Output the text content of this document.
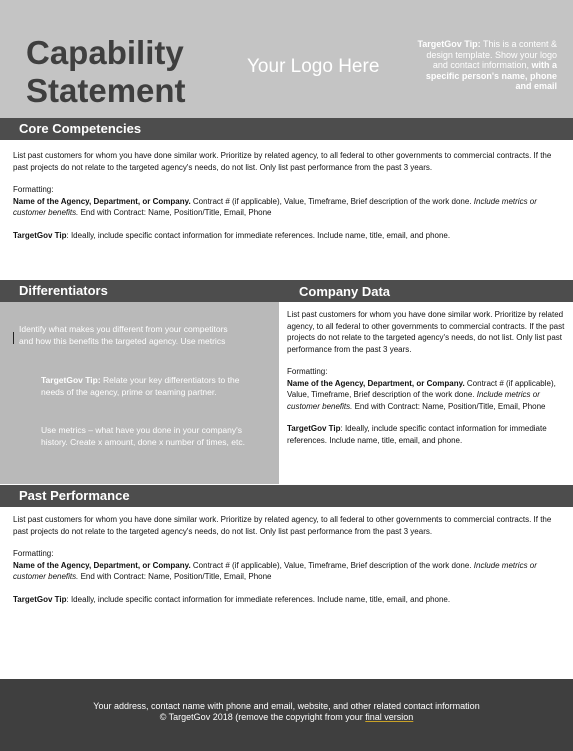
Capability
Statement
Your Logo Here
TargetGov Tip: This is a content & design template. Show your logo and contact information, with a specific person's name, phone and email
Core Competencies

List past customers for whom you have done similar work. Prioritize by related agency, to all federal to other governments to commercial contracts. If the past projects do not relate to the targeted agency's needs, do not list. Only list past performance from the past 3 years.

Formatting:
Name of the Agency, Department, or Company. Contract # (if applicable), Value, Timeframe, Brief description of the work done. Include metrics or customer benefits. End with Contract: Name, Position/Title, Email, Phone

TargetGov Tip: Ideally, include specific contact information for immediate references. Include name, title, email, and phone.

Differentiators
Identify what makes you different from your competitors and how this benefits the targeted agency. Use metrics
TargetGov Tip: Relate your key differentiators to the needs of the agency, prime or teaming partner.
Use metrics – what have you done in your company's history. Create x amount, done x number of times, etc.
Company Data

List past customers for whom you have done similar work. Prioritize by related agency, to all federal to other governments to commercial contracts. If the past projects do not relate to the targeted agency's needs, do not list. Only list past performance from the past 3 years.

Formatting:
Name of the Agency, Department, or Company. Contract # (if applicable), Value, Timeframe, Brief description of the work done. Include metrics or customer benefits. End with Contract: Name, Position/Title, Email, Phone

TargetGov Tip: Ideally, include specific contact information for immediate references. Include name, title, email, and phone.

Past Performance

List past customers for whom you have done similar work. Prioritize by related agency, to all federal to other governments to commercial contracts. If the past projects do not relate to the targeted agency's needs, do not list. Only list past performance from the past 3 years.

Formatting:
Name of the Agency, Department, or Company. Contract # (if applicable), Value, Timeframe, Brief description of the work done. Include metrics or customer benefits. End with Contract: Name, Position/Title, Email, Phone

TargetGov Tip: Ideally, include specific contact information for immediate references. Include name, title, email, and phone.

Your address, contact name with phone and email, website, and other related contact information
© TargetGov 2018 (remove the copyright from your final version
